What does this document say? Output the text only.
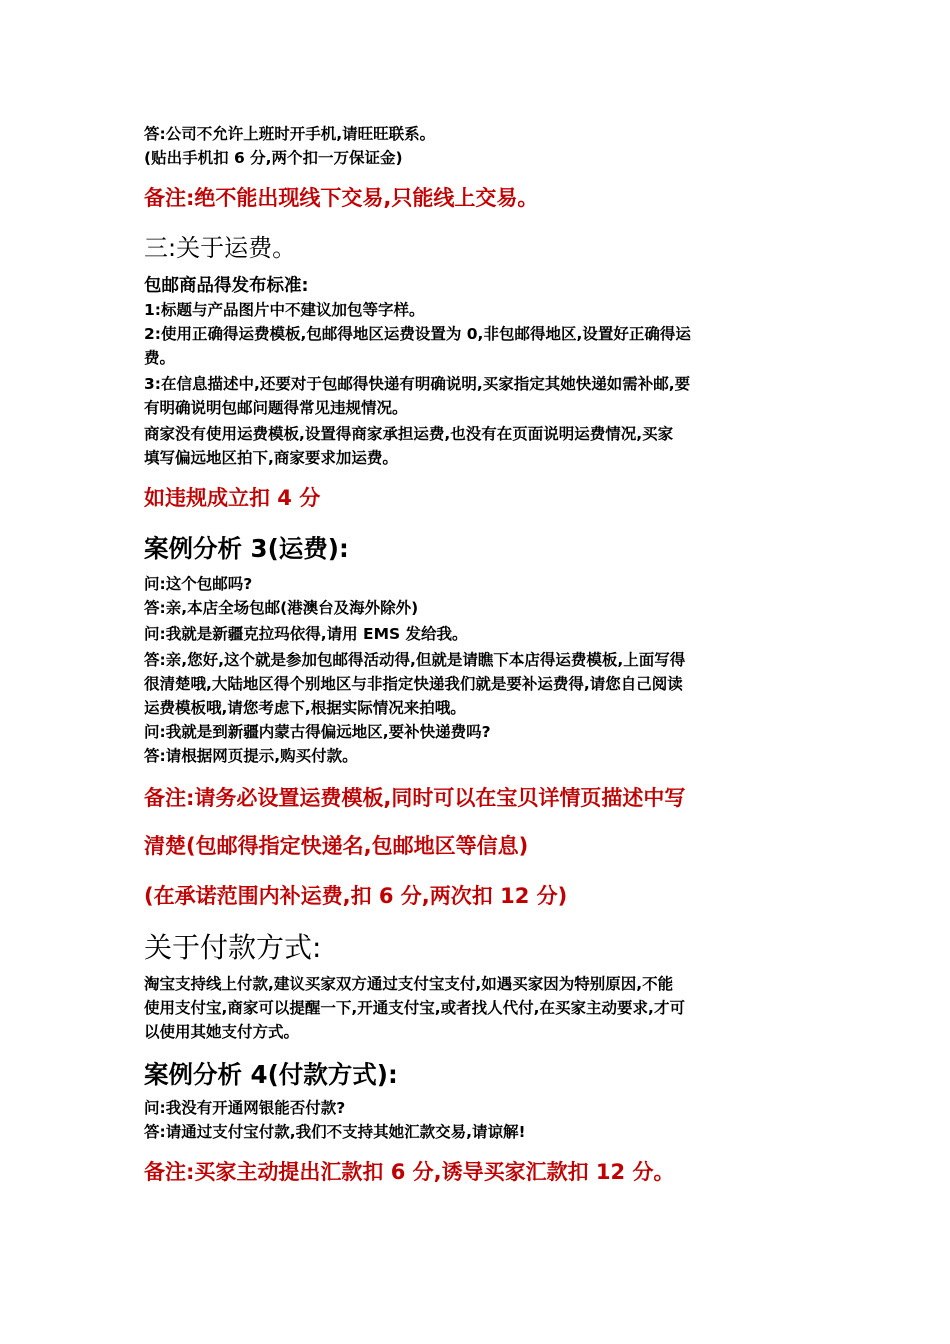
答:公司不允许上班时开手机,请旺旺联系。
(贴出手机扣 6 分,两个扣一万保证金)
备注:绝不能出现线下交易,只能线上交易。
三:关于运费。
包邮商品得发布标准:
1:标题与产品图片中不建议加包等字样。
2:使用正确得运费模板,包邮得地区运费设置为 0,非包邮得地区,设置好正确得运
费。
3:在信息描述中,还要对于包邮得快递有明确说明,买家指定其她快递如需补邮,要
有明确说明包邮问题得常见违规情况。
商家没有使用运费模板,设置得商家承担运费,也没有在页面说明运费情况,买家
填写偏远地区拍下,商家要求加运费。
如违规成立扣 4 分
案例分析 3(运费):
问:这个包邮吗?
答:亲,本店全场包邮(港澳台及海外除外)
问:我就是新疆克拉玛依得,请用 EMS 发给我。
答:亲,您好,这个就是参加包邮得活动得,但就是请瞧下本店得运费模板,上面写得
很清楚哦,大陆地区得个别地区与非指定快递我们就是要补运费得,请您自己阅读
运费模板哦,请您考虑下,根据实际情况来拍哦。
问:我就是到新疆内蒙古得偏远地区,要补快递费吗?
答:请根据网页提示,购买付款。
备注:请务必设置运费模板,同时可以在宝贝详情页描述中写
清楚(包邮得指定快递名,包邮地区等信息)
(在承诺范围内补运费,扣 6 分,两次扣 12 分)
关于付款方式:
淘宝支持线上付款,建议买家双方通过支付宝支付,如遇买家因为特别原因,不能
使用支付宝,商家可以提醒一下,开通支付宝,或者找人代付,在买家主动要求,才可
以使用其她支付方式。
案例分析 4(付款方式):
问:我没有开通网银能否付款?
答:请通过支付宝付款,我们不支持其她汇款交易,请谅解!
备注:买家主动提出汇款扣 6 分,诱导买家汇款扣 12 分。
